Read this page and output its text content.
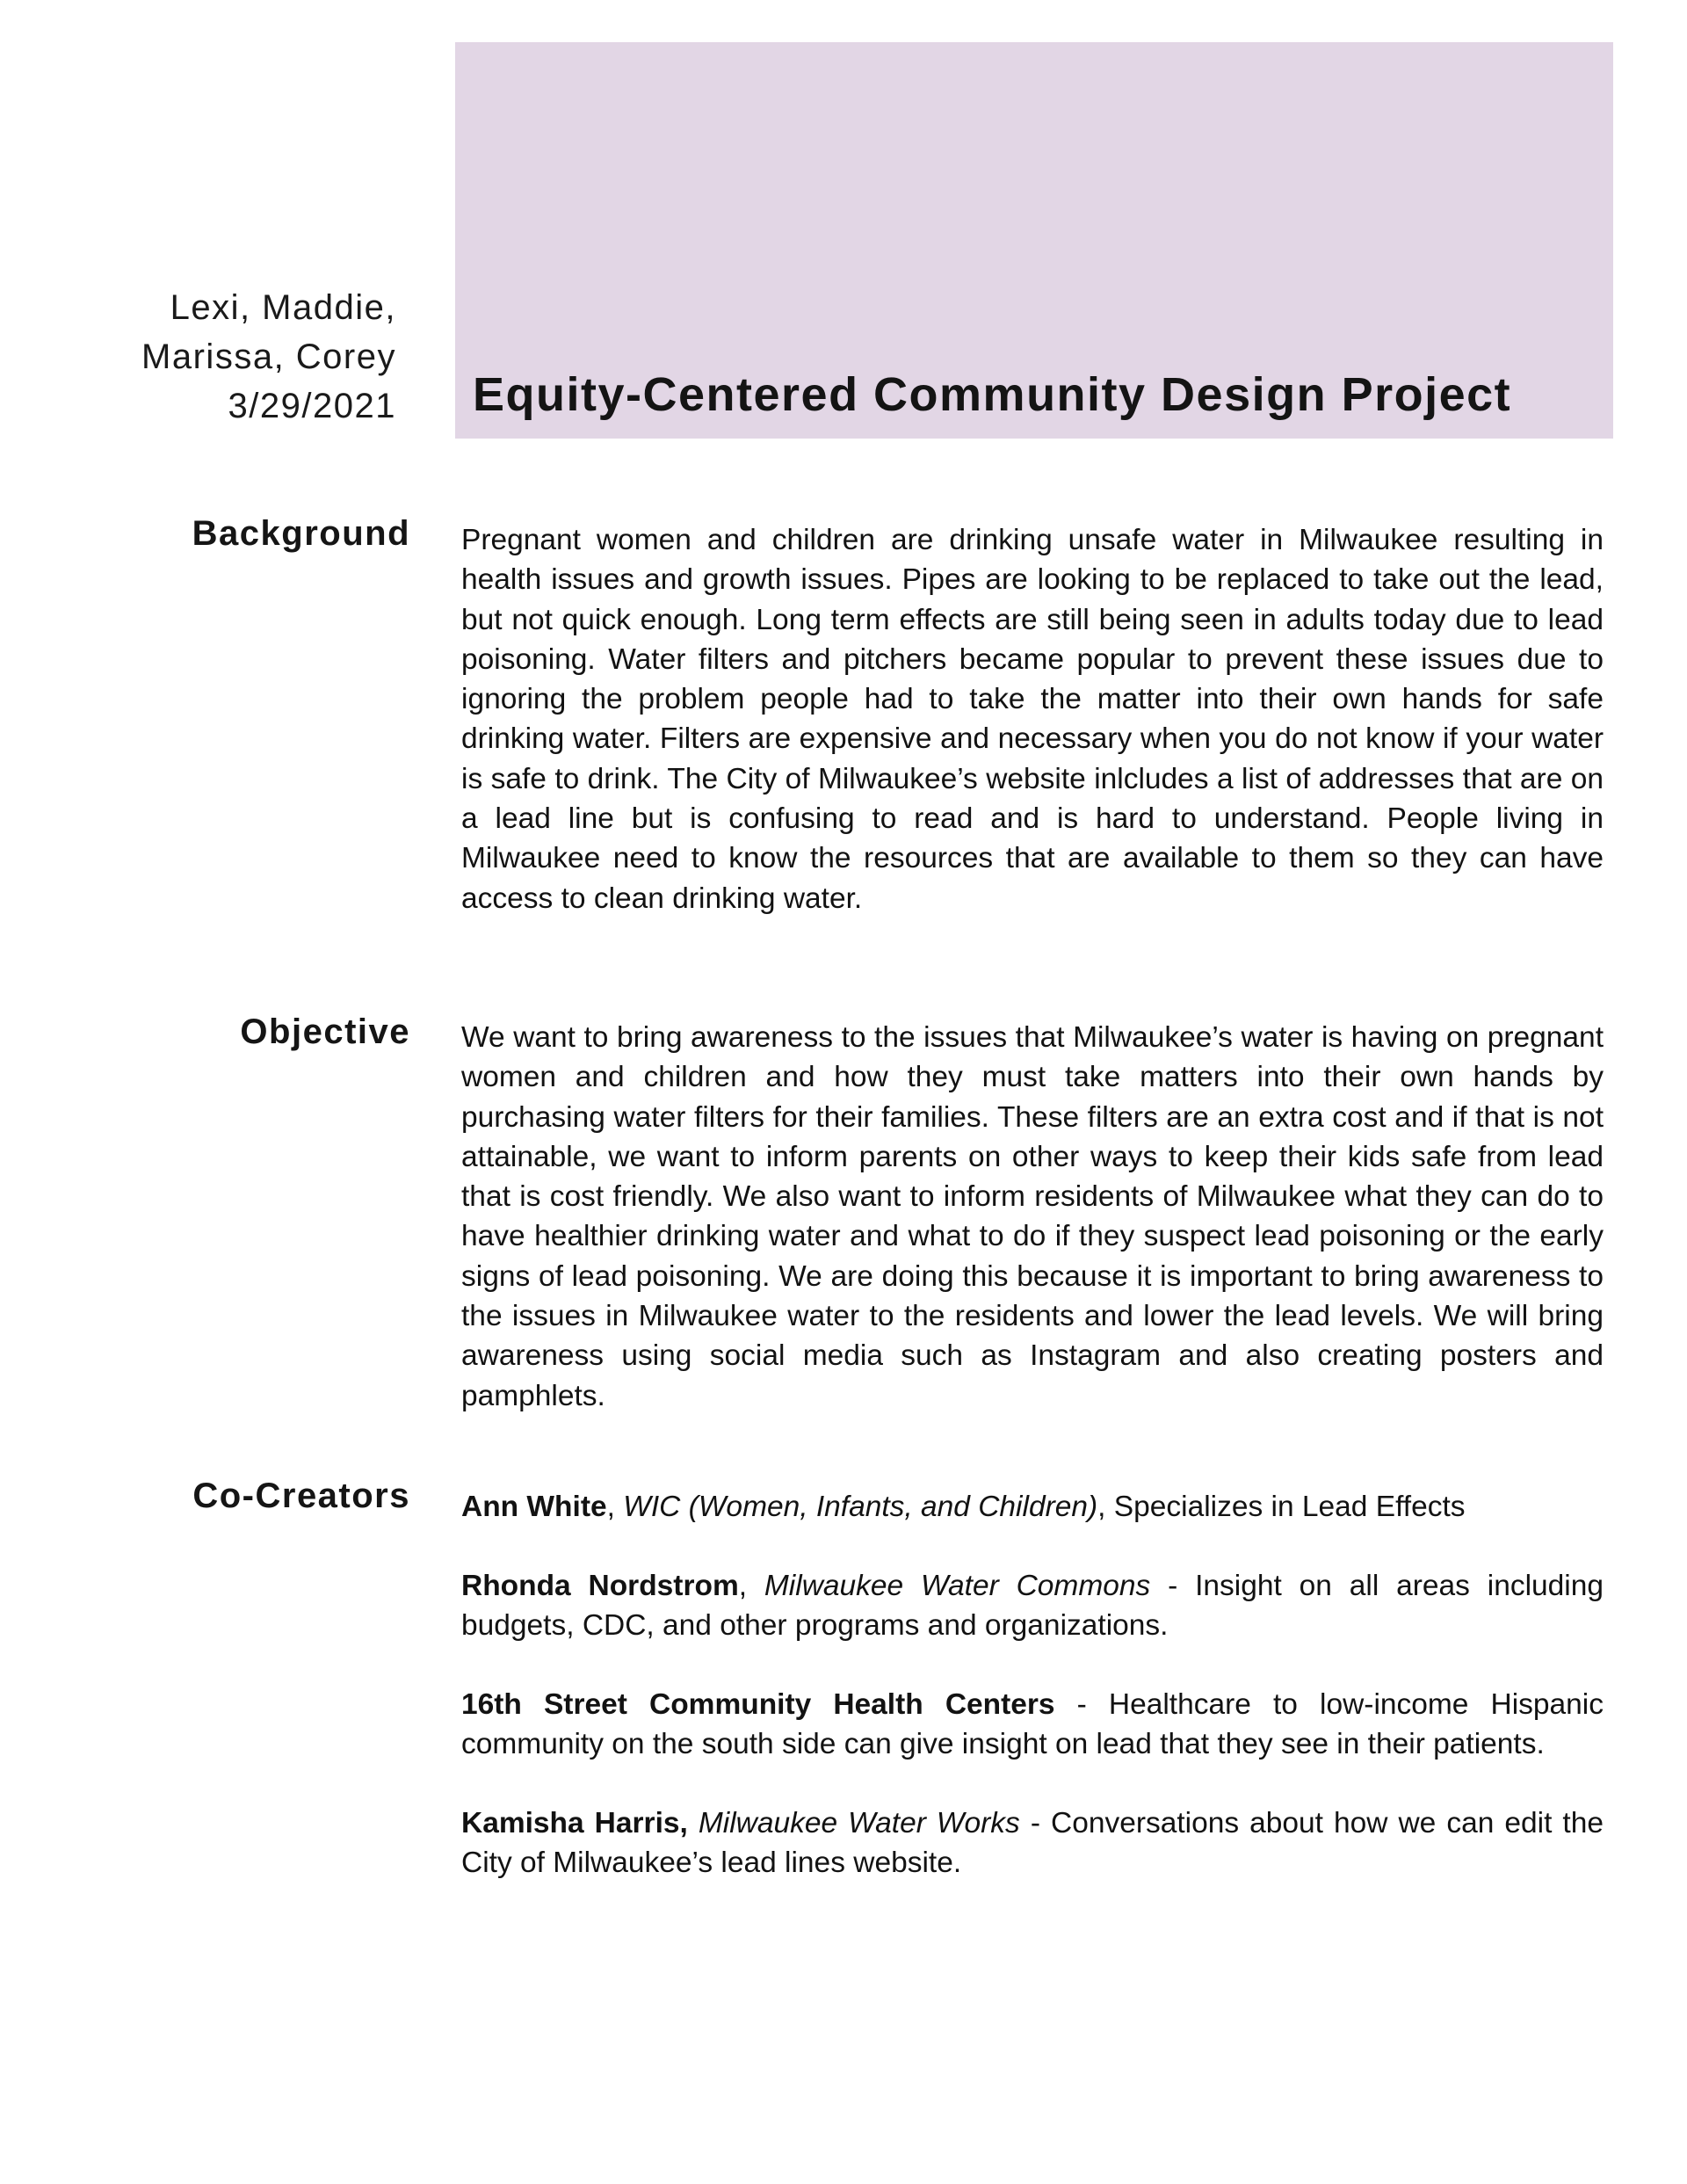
Lexi, Maddie,
Marissa, Corey
3/29/2021 Equity-Centered Community Design Project
Background Pregnant women and children are drinking unsafe water in Milwaukee resulting in health issues and growth issues. Pipes are looking to be replaced to take out the lead, but not quick enough. Long term effects are still being seen in adults today due to lead poisoning. Water filters and pitchers became popular to prevent these issues due to ignoring the problem people had to take the matter into their own hands for safe drinking water. Filters are expensive and necessary when you do not know if your water is safe to drink. The City of Milwaukee’s website inlcludes a list of addresses that are on a lead line but is confusing to read and is hard to understand. People living in Milwaukee need to know the resources that are available to them so they can have access to clean drinking water.
Objective We want to bring awareness to the issues that Milwaukee’s water is having on pregnant women and children and how they must take matters into their own hands by purchasing water filters for their families. These filters are an extra cost and if that is not attainable, we want to inform parents on other ways to keep their kids safe from lead that is cost friendly. We also want to inform residents of Milwaukee what they can do to have healthier drinking water and what to do if they suspect lead poisoning or the early signs of lead poisoning. We are doing this because it is important to bring awareness to the issues in Milwaukee water to the residents and lower the lead levels. We will bring awareness using social media such as Instagram and also creating posters and pamphlets.
Co-Creators Ann White, WIC (Women, Infants, and Children), Specializes in Lead Effects
Rhonda Nordstrom, Milwaukee Water Commons - Insight on all areas including budgets, CDC, and other programs and organizations.
16th Street Community Health Centers - Healthcare to low-income Hispanic community on the south side can give insight on lead that they see in their patients.
Kamisha Harris, Milwaukee Water Works - Conversations about how we can edit the City of Milwaukee’s lead lines website.
